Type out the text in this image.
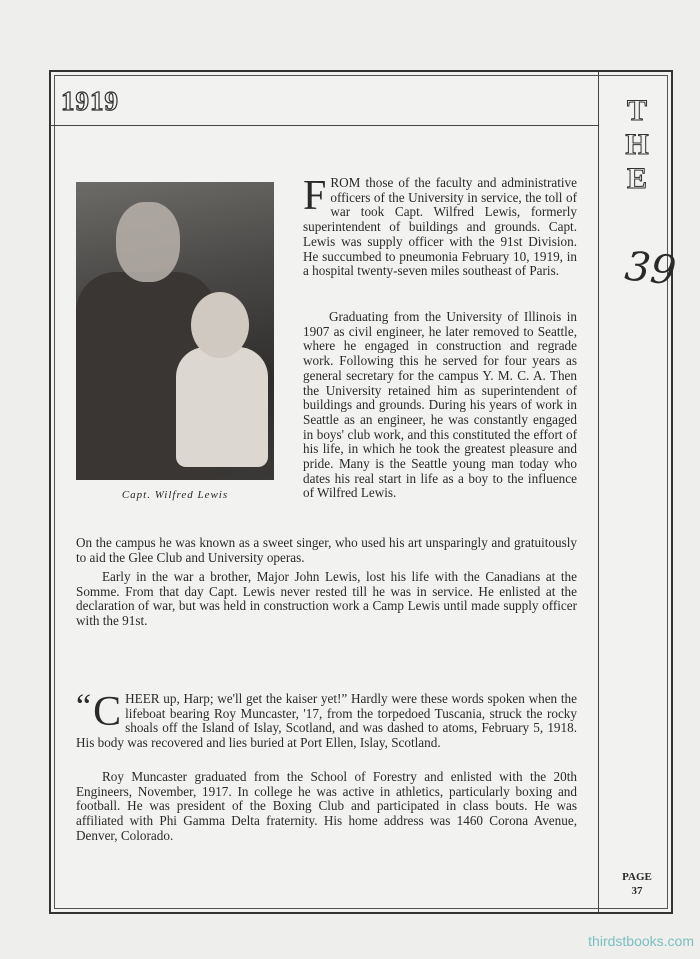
1919	T
H
E
39
Capt. Wilfred Lewis
FROM those of the faculty and administrative officers of the University in service, the toll of war took Capt. Wilfred Lewis, formerly superintendent of buildings and grounds. Capt. Lewis was supply officer with the 91st Division. He succumbed to pneumonia February 10, 1919, in a hospital twenty-seven miles southeast of Paris.
Graduating from the University of Illinois in 1907 as civil engineer, he later removed to Seattle, where he engaged in construction and regrade work. Following this he served for four years as general secretary for the campus Y. M. C. A. Then the University retained him as superintendent of buildings and grounds. During his years of work in Seattle as an engineer, he was constantly engaged in boys' club work, and this constituted the effort of his life, in which he took the greatest pleasure and pride. Many is the Seattle young man today who dates his real start in life as a boy to the influence of Wilfred Lewis.
On the campus he was known as a sweet singer, who used his art unsparingly and gratuitously to aid the Glee Club and University operas.
Early in the war a brother, Major John Lewis, lost his life with the Canadians at the Somme. From that day Capt. Lewis never rested till he was in service. He enlisted at the declaration of war, but was held in construction work a Camp Lewis until made supply officer with the 91st.
“ C HEER up, Harp; we'll get the kaiser yet!” Hardly were these words spoken when the lifeboat bearing Roy Muncaster, '17, from the torpedoed Tuscania, struck the rocky shoals off the Island of Islay, Scotland, and was dashed to atoms, February 5, 1918. His body was recovered and lies buried at Port Ellen, Islay, Scotland.
Roy Muncaster graduated from the School of Forestry and enlisted with the 20th Engineers, November, 1917. In college he was active in athletics, particularly boxing and football. He was president of the Boxing Club and participated in class bouts. He was affiliated with Phi Gamma Delta fraternity. His home address was 1460 Corona Avenue, Denver, Colorado.
PAGE
37
thirdstbooks.com
